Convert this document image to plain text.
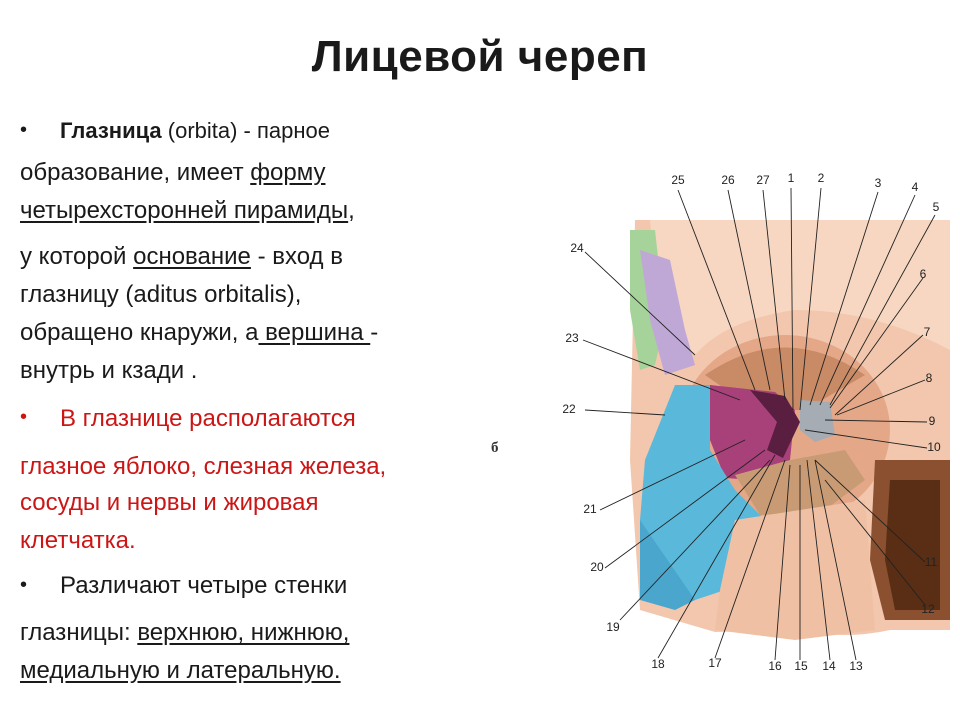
Лицевой череп
• Глазница (orbita) - парное
образование, имеет форму
четырехсторонней пирамиды,
у которой основание - вход в
глазницу (aditus orbitalis),
обращено кнаружи, а вершина -
внутрь и кзади .
• В глазнице располагаются
глазное яблоко, слезная железа,
сосуды и нервы и жировая
клетчатка.
• Различают четыре стенки
глазницы: верхнюю, нижнюю,
медиальную и латеральную.
б
25	26 27 1 2	3	4
5
24
6
23	7
8
22
9
10
21
20	11
19
12
18	17	16 15 14 13
